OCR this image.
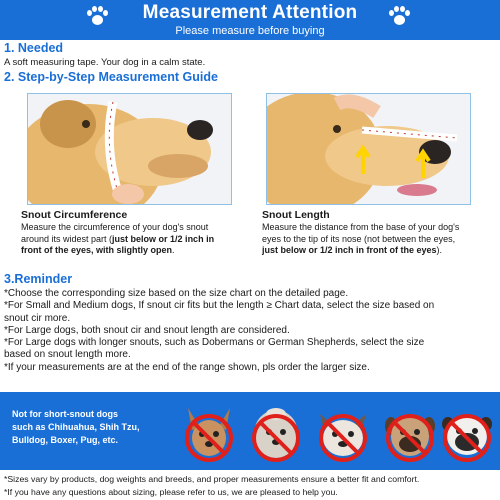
Measurement Attention
Please measure before buying
1. Needed
A soft measuring tape. Your dog in a calm state.
2. Step-by-Step Measurement Guide
Snout Circumference
Measure the circumference of your dog's snout
around its widest part (just below or 1/2 inch in
front of the eyes, with slightly open.
Snout Length
Measure the distance from the base of your dog's
eyes to the tip of its nose (not between the eyes,
just below or 1/2 inch in front of the eyes).
3.Reminder
*Choose the corresponding size based on the size chart on the detailed page.
*For Small and Medium dogs, If snout cir fits but the length ≥ Chart data, select the size based on
snout cir more.
*For Large dogs, both snout cir and snout length are considered.
*For Large dogs with longer snouts, such as Dobermans or German Shepherds, select the size
based on snout length more.
*If your measurements are at the end of the range shown, pls order the larger size.
Not for short-snout dogs
such as Chihuahua, Shih Tzu,
Bulldog, Boxer, Pug, etc.
*Sizes vary by products, dog weights and breeds, and proper measurements ensure a better fit and comfort.
*If you have any questions about sizing, please refer to us, we are pleased to help you.
